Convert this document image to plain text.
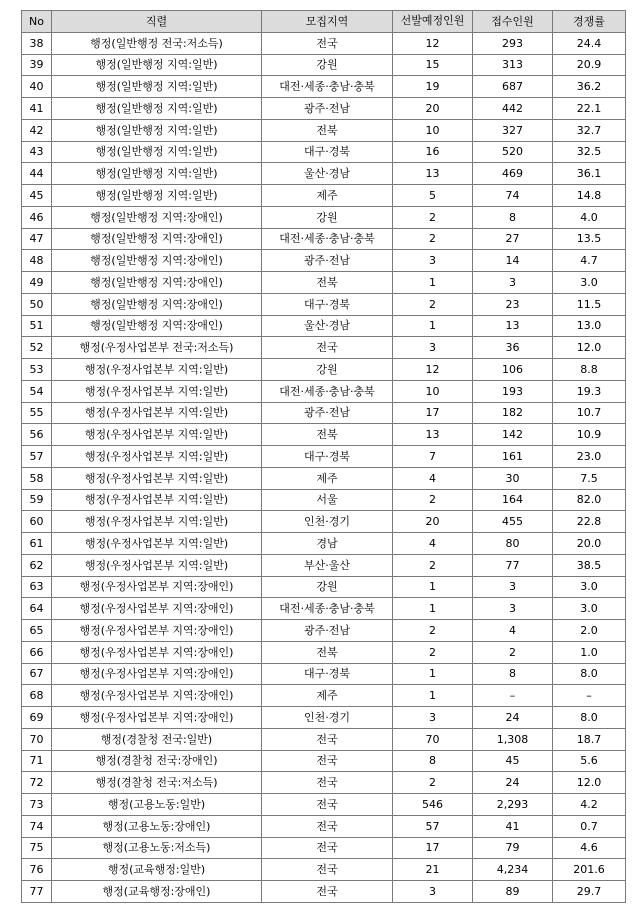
No	직렬	모집지역	선발예정인원	접수인원	경쟁률
38	행정(일반행정 전국:저소득)	전국	12	293	24.4
39	행정(일반행정 지역:일반)	강원	15	313	20.9
40	행정(일반행정 지역:일반)	대전·세종·충남·충북	19	687	36.2
41	행정(일반행정 지역:일반)	광주·전남	20	442	22.1
42	행정(일반행정 지역:일반)	전북	10	327	32.7
43	행정(일반행정 지역:일반)	대구·경북	16	520	32.5
44	행정(일반행정 지역:일반)	울산·경남	13	469	36.1
45	행정(일반행정 지역:일반)	제주	5	74	14.8
46	행정(일반행정 지역:장애인)	강원	2	8	4.0
47	행정(일반행정 지역:장애인)	대전·세종·충남·충북	2	27	13.5
48	행정(일반행정 지역:장애인)	광주·전남	3	14	4.7
49	행정(일반행정 지역:장애인)	전북	1	3	3.0
50	행정(일반행정 지역:장애인)	대구·경북	2	23	11.5
51	행정(일반행정 지역:장애인)	울산·경남	1	13	13.0
52	행정(우정사업본부 전국:저소득)	전국	3	36	12.0
53	행정(우정사업본부 지역:일반)	강원	12	106	8.8
54	행정(우정사업본부 지역:일반)	대전·세종·충남·충북	10	193	19.3
55	행정(우정사업본부 지역:일반)	광주·전남	17	182	10.7
56	행정(우정사업본부 지역:일반)	전북	13	142	10.9
57	행정(우정사업본부 지역:일반)	대구·경북	7	161	23.0
58	행정(우정사업본부 지역:일반)	제주	4	30	7.5
59	행정(우정사업본부 지역:일반)	서울	2	164	82.0
60	행정(우정사업본부 지역:일반)	인천·경기	20	455	22.8
61	행정(우정사업본부 지역:일반)	경남	4	80	20.0
62	행정(우정사업본부 지역:일반)	부산·울산	2	77	38.5
63	행정(우정사업본부 지역:장애인)	강원	1	3	3.0
64	행정(우정사업본부 지역:장애인)	대전·세종·충남·충북	1	3	3.0
65	행정(우정사업본부 지역:장애인)	광주·전남	2	4	2.0
66	행정(우정사업본부 지역:장애인)	전북	2	2	1.0
67	행정(우정사업본부 지역:장애인)	대구·경북	1	8	8.0
68	행정(우정사업본부 지역:장애인)	제주	1	–	–
69	행정(우정사업본부 지역:장애인)	인천·경기	3	24	8.0
70	행정(경찰청 전국:일반)	전국	70	1,308	18.7
71	행정(경찰청 전국:장애인)	전국	8	45	5.6
72	행정(경찰청 전국:저소득)	전국	2	24	12.0
73	행정(고용노동:일반)	전국	546	2,293	4.2
74	행정(고용노동:장애인)	전국	57	41	0.7
75	행정(고용노동:저소득)	전국	17	79	4.6
76	행정(교육행정:일반)	전국	21	4,234	201.6
77	행정(교육행정:장애인)	전국	3	89	29.7
